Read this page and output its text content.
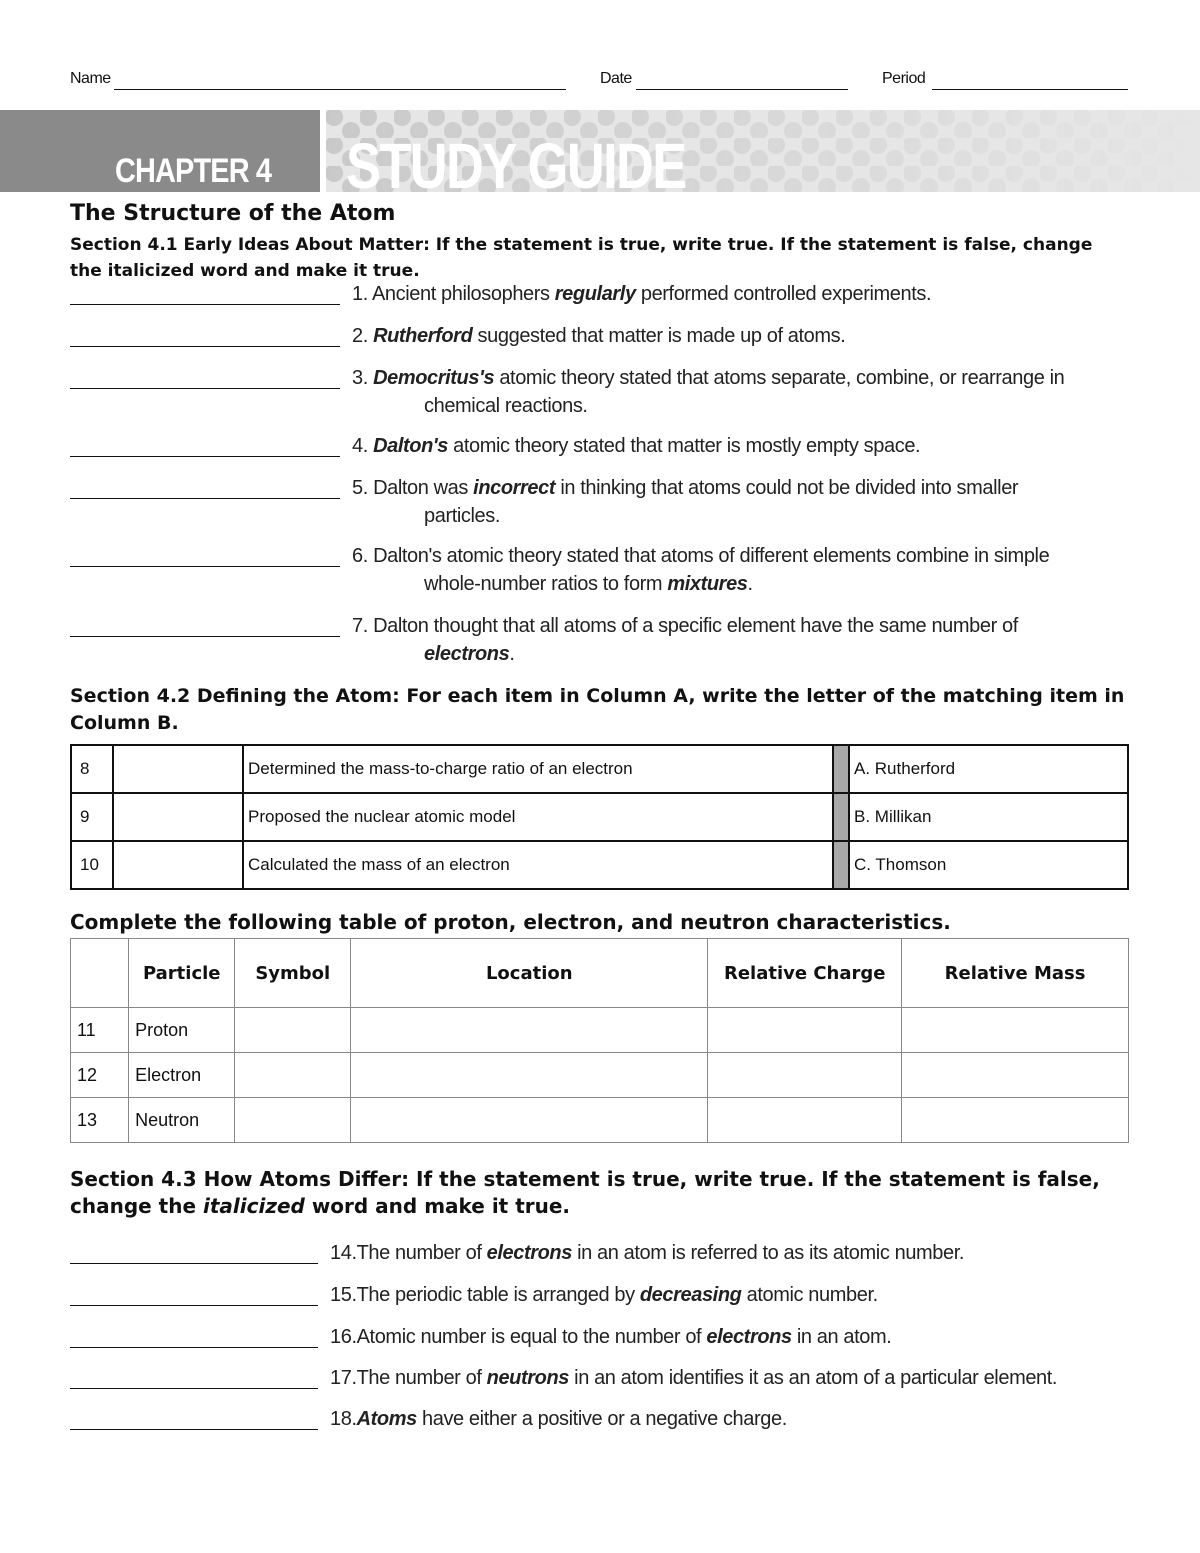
Name	Date	Period
CHAPTER 4 STUDY GUIDE
The Structure of the Atom
Section 4.1 Early Ideas About Matter: If the statement is true, write true. If the statement is false, change the italicized word and make it true.
1. Ancient philosophers regularly performed controlled experiments.
2. Rutherford suggested that matter is made up of atoms.
3. Democritus's atomic theory stated that atoms separate, combine, or rearrange in
chemical reactions.
4. Dalton's atomic theory stated that matter is mostly empty space.
5. Dalton was incorrect in thinking that atoms could not be divided into smaller
particles.
6. Dalton's atomic theory stated that atoms of different elements combine in simple
whole-number ratios to form mixtures.
7. Dalton thought that all atoms of a specific element have the same number of
electrons.
Section 4.2 Defining the Atom: For each item in Column A, write the letter of the matching item in Column B.
8		Determined the mass-to-charge ratio of an electron		A. Rutherford
9		Proposed the nuclear atomic model		B. Millikan
10		Calculated the mass of an electron		C. Thomson
Complete the following table of proton, electron, and neutron characteristics.
	Particle	Symbol	Location	Relative Charge	Relative Mass
11	Proton				
12	Electron				
13	Neutron				
Section 4.3 How Atoms Differ: If the statement is true, write true. If the statement is false, change the italicized word and make it true.
14.The number of electrons in an atom is referred to as its atomic number.
15.The periodic table is arranged by decreasing atomic number.
16.Atomic number is equal to the number of electrons in an atom.
17.The number of neutrons in an atom identifies it as an atom of a particular element.
18.Atoms have either a positive or a negative charge.
